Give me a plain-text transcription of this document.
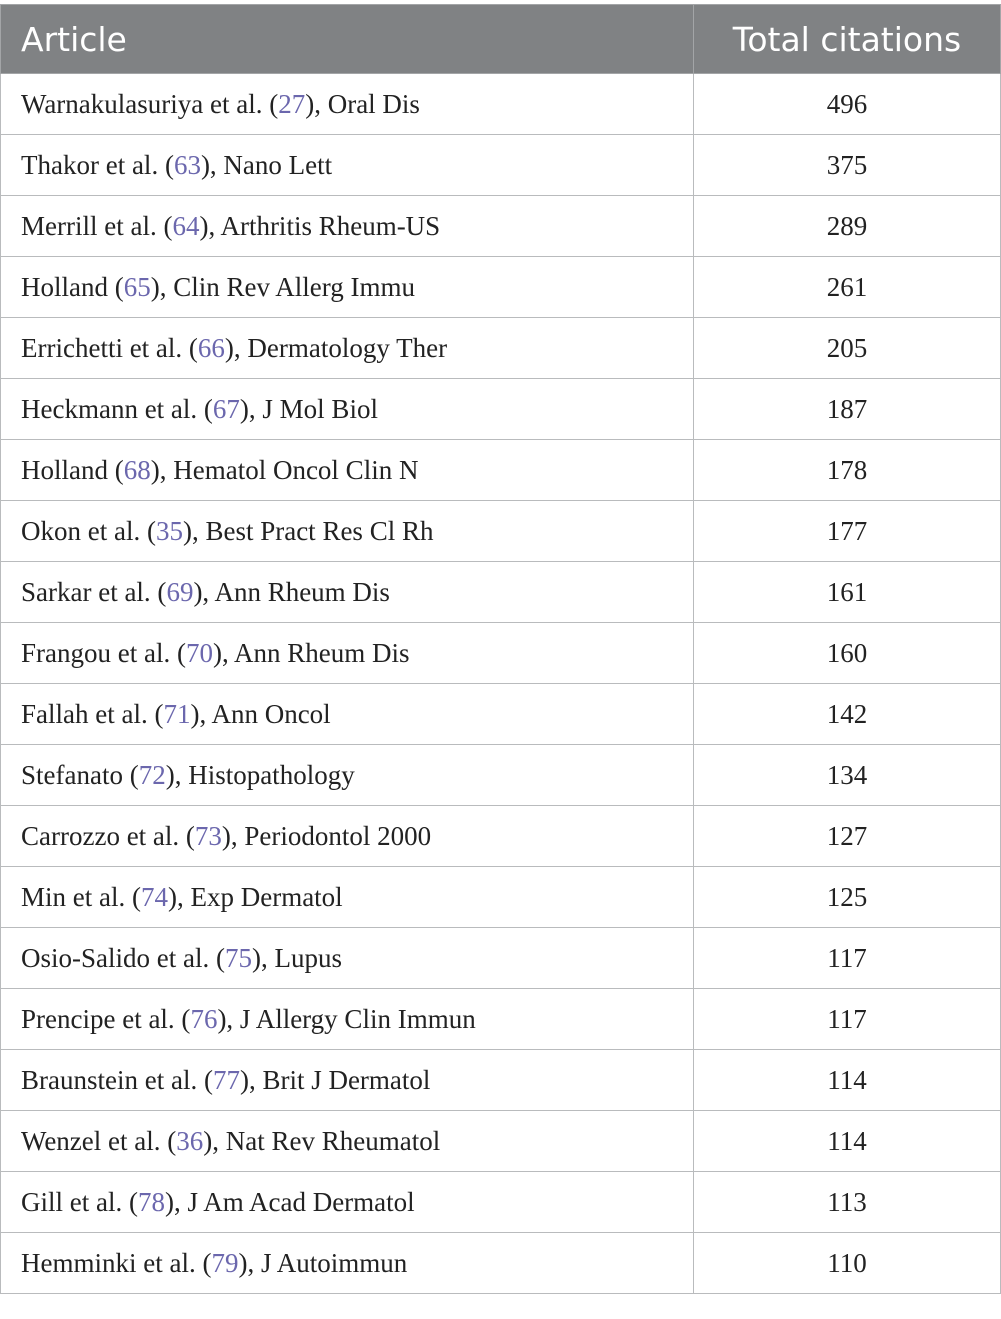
Article	Total citations
Warnakulasuriya et al. (27), Oral Dis	496
Thakor et al. (63), Nano Lett	375
Merrill et al. (64), Arthritis Rheum-US	289
Holland (65), Clin Rev Allerg Immu	261
Errichetti et al. (66), Dermatology Ther	205
Heckmann et al. (67), J Mol Biol	187
Holland (68), Hematol Oncol Clin N	178
Okon et al. (35), Best Pract Res Cl Rh	177
Sarkar et al. (69), Ann Rheum Dis	161
Frangou et al. (70), Ann Rheum Dis	160
Fallah et al. (71), Ann Oncol	142
Stefanato (72), Histopathology	134
Carrozzo et al. (73), Periodontol 2000	127
Min et al. (74), Exp Dermatol	125
Osio-Salido et al. (75), Lupus	117
Prencipe et al. (76), J Allergy Clin Immun	117
Braunstein et al. (77), Brit J Dermatol	114
Wenzel et al. (36), Nat Rev Rheumatol	114
Gill et al. (78), J Am Acad Dermatol	113
Hemminki et al. (79), J Autoimmun	110
